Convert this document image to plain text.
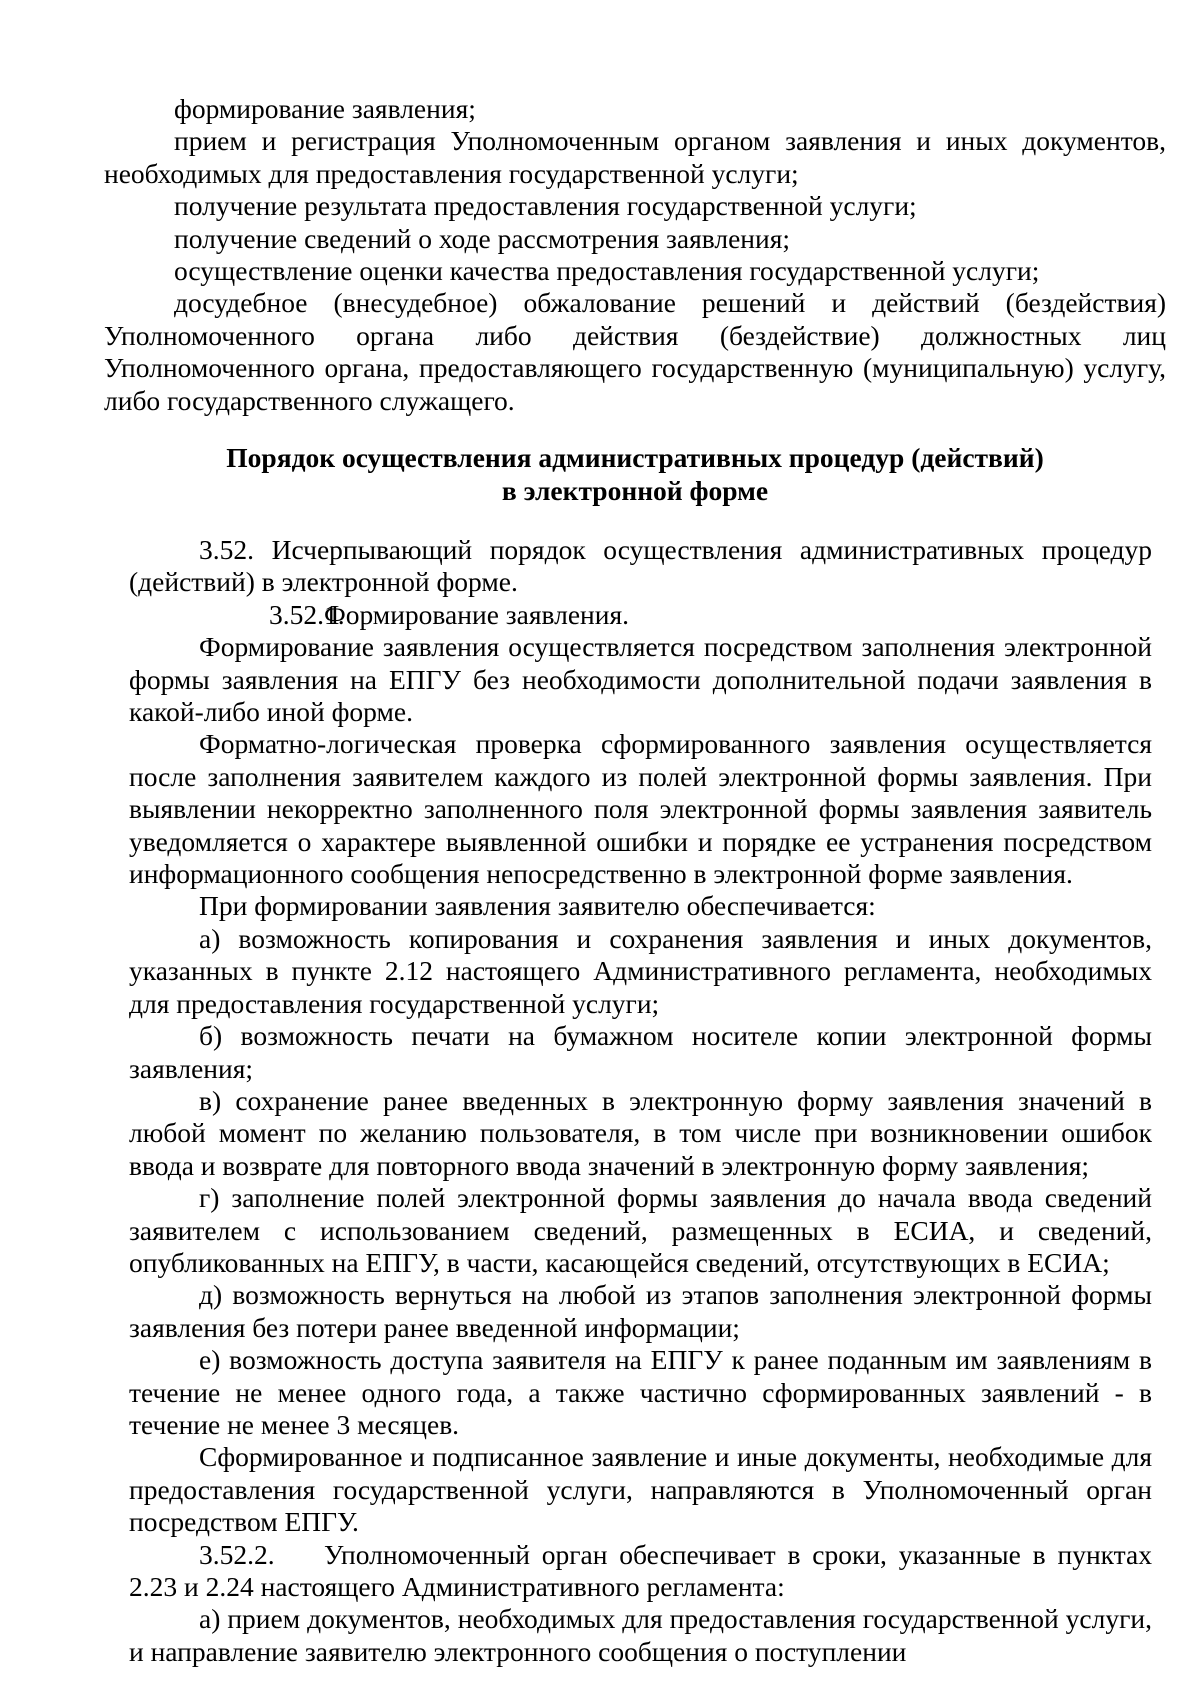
формирование заявления;

прием и регистрация Уполномоченным органом заявления и иных документов, необходимых для предоставления государственной услуги;

получение результата предоставления государственной услуги;

получение сведений о ходе рассмотрения заявления;

осуществление оценки качества предоставления государственной услуги;

досудебное (внесудебное) обжалование решений и действий (бездействия) Уполномоченного органа либо действия (бездействие) должностных лиц Уполномоченного органа, предоставляющего государственную (муниципальную) услугу, либо государственного служащего.

Порядок осуществления административных процедур (действий)
в электронной форме

3.52. Исчерпывающий порядок осуществления административных процедур (действий) в электронной форме.

3.52.1.Формирование заявления.

Формирование заявления осуществляется посредством заполнения электронной формы заявления на ЕПГУ без необходимости дополнительной подачи заявления в какой-либо иной форме.

Форматно-логическая проверка сформированного заявления осуществляется после заполнения заявителем каждого из полей электронной формы заявления. При выявлении некорректно заполненного поля электронной формы заявления заявитель уведомляется о характере выявленной ошибки и порядке ее устранения посредством информационного сообщения непосредственно в электронной форме заявления.

При формировании заявления заявителю обеспечивается:

а) возможность копирования и сохранения заявления и иных документов, указанных в пункте 2.12 настоящего Административного регламента, необходимых для предоставления государственной услуги;

б) возможность печати на бумажном носителе копии электронной формы заявления;

в) сохранение ранее введенных в электронную форму заявления значений в любой момент по желанию пользователя, в том числе при возникновении ошибок ввода и возврате для повторного ввода значений в электронную форму заявления;

г) заполнение полей электронной формы заявления до начала ввода сведений заявителем с использованием сведений, размещенных в ЕСИА, и сведений, опубликованных на ЕПГУ, в части, касающейся сведений, отсутствующих в ЕСИА;

д) возможность вернуться на любой из этапов заполнения электронной формы заявления без потери ранее введенной информации;

е) возможность доступа заявителя на ЕПГУ к ранее поданным им заявлениям в течение не менее одного года, а также частично сформированных заявлений - в течение не менее 3 месяцев.

Сформированное и подписанное заявление и иные документы, необходимые для предоставления государственной услуги, направляются в Уполномоченный орган посредством ЕПГУ.

3.52.2. Уполномоченный орган обеспечивает в сроки, указанные в пунктах 2.23 и 2.24 настоящего Административного регламента:

а) прием документов, необходимых для предоставления государственной услуги, и направление заявителю электронного сообщения о поступлении
